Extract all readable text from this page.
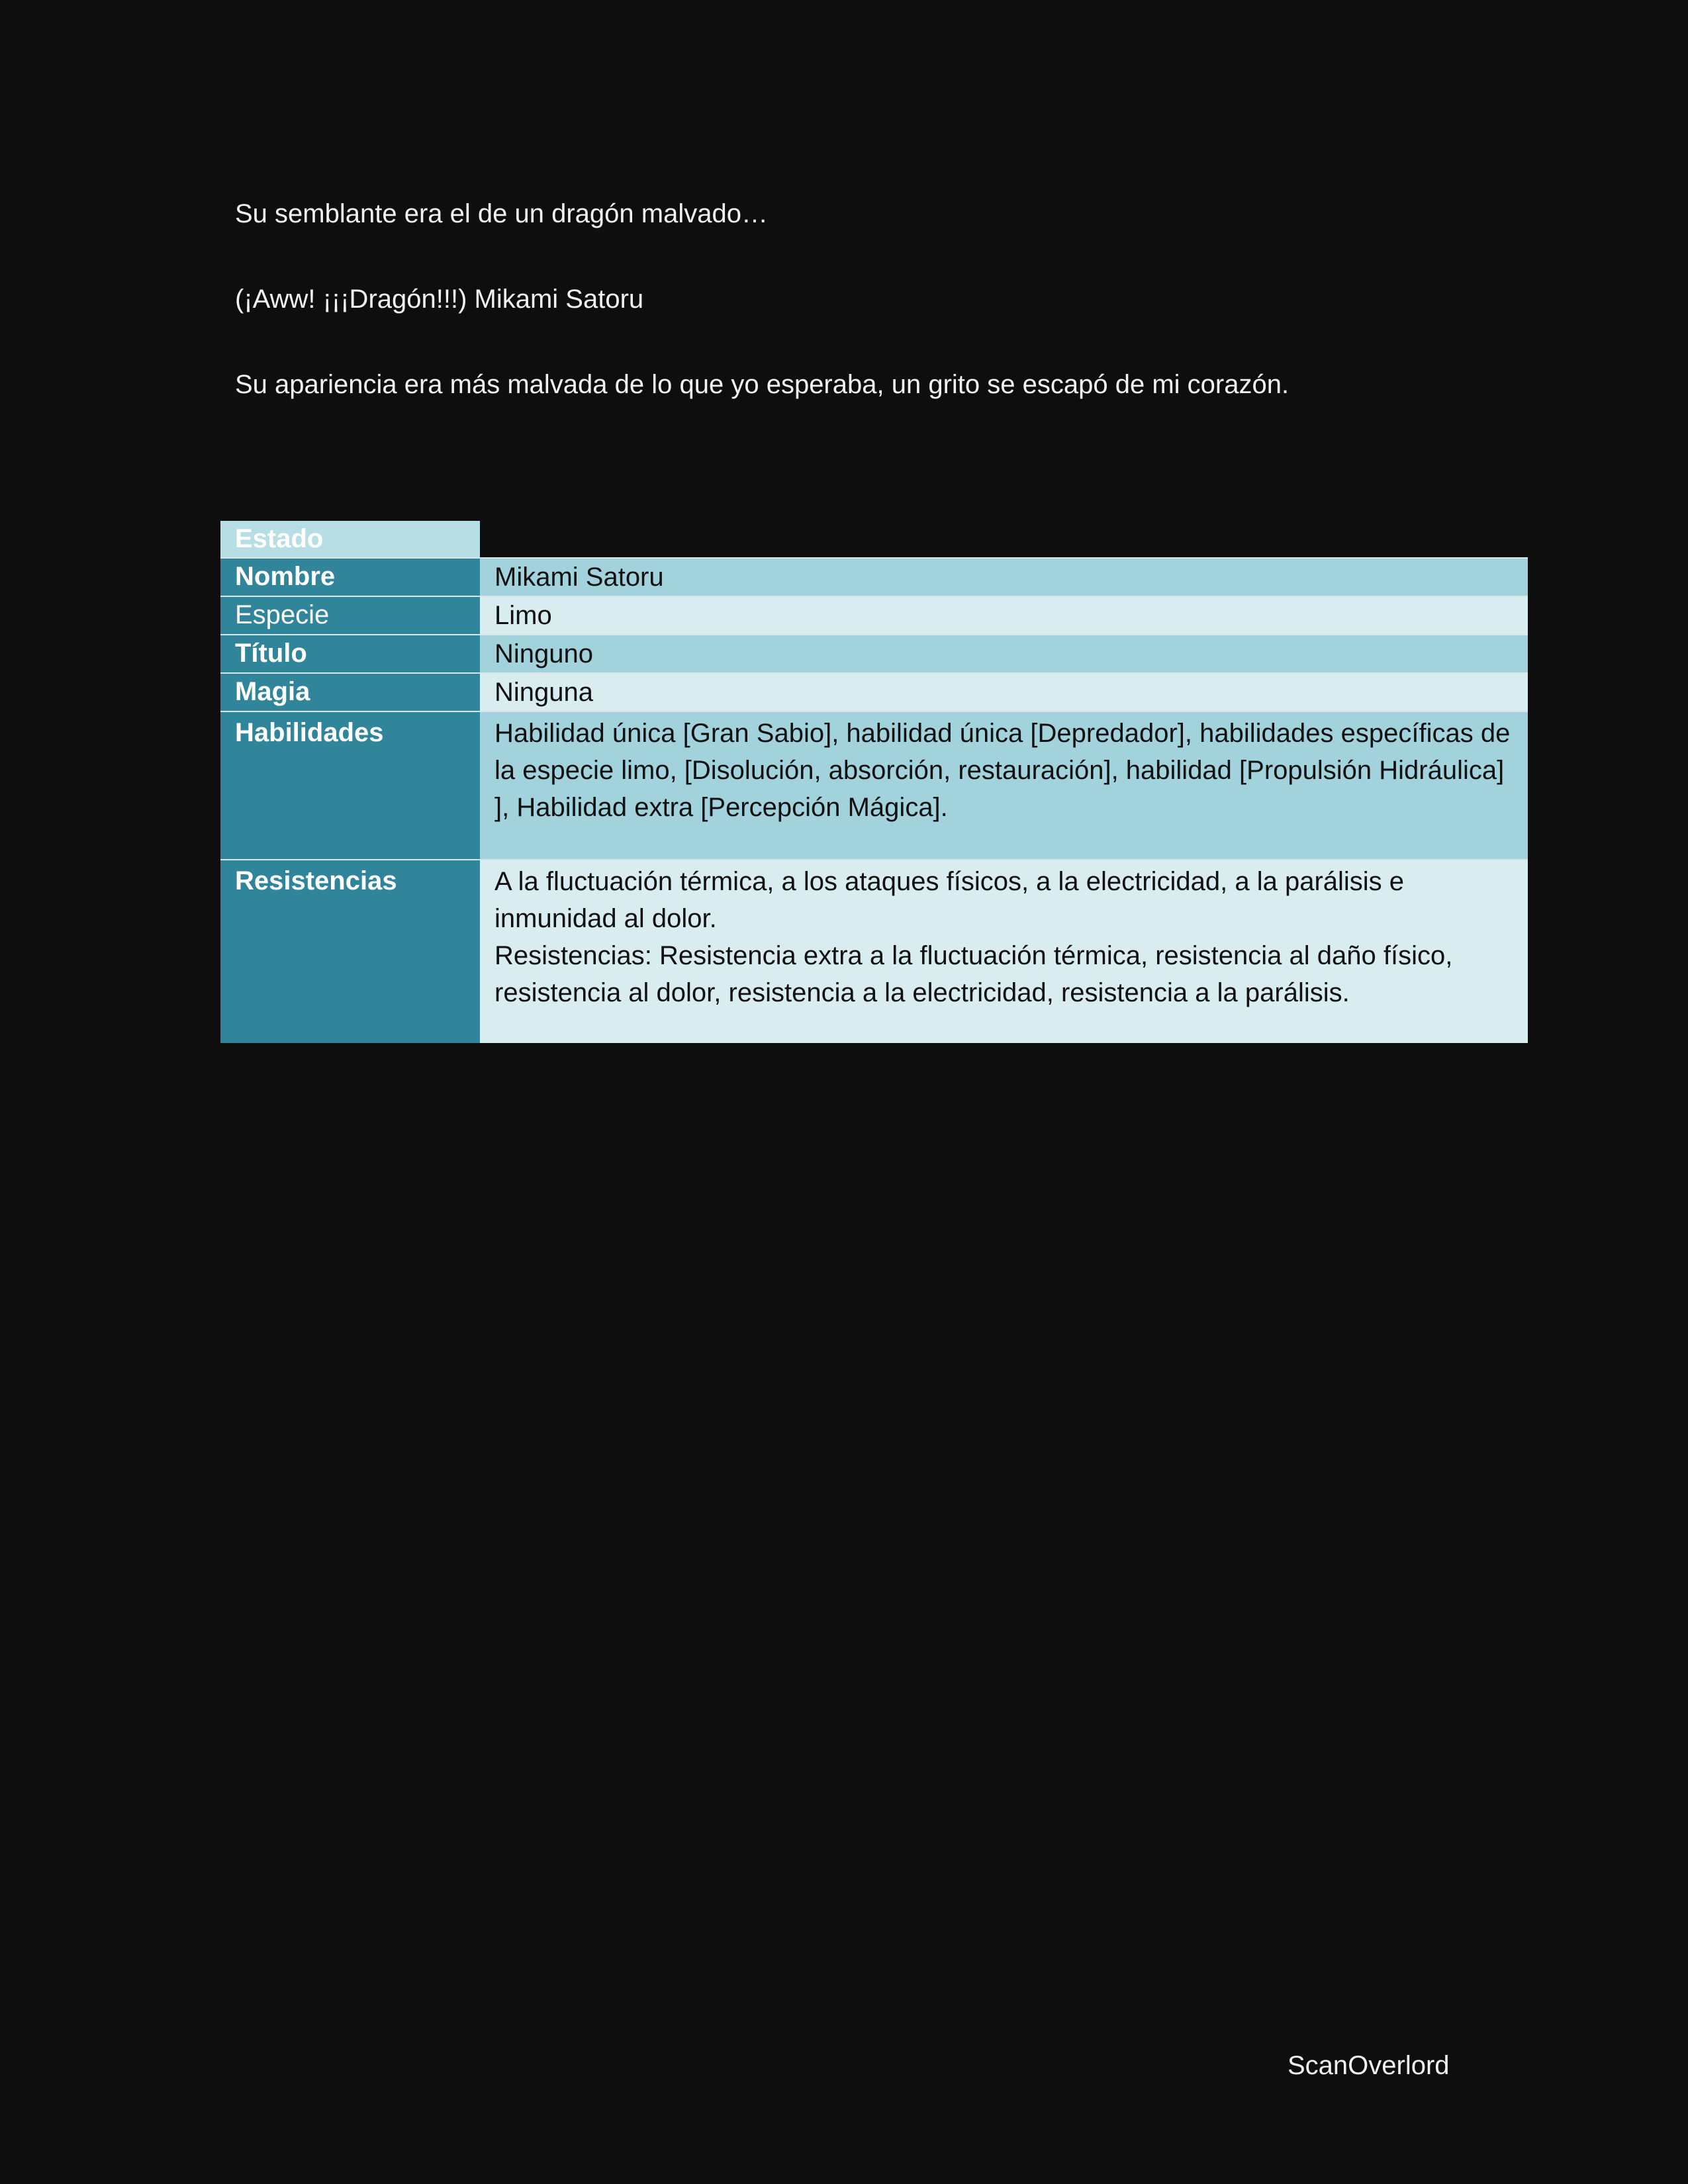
Su semblante era el de un dragón malvado…

(¡Aww! ¡¡¡Dragón!!!) Mikami Satoru

Su apariencia era más malvada de lo que yo esperaba, un grito se escapó de mi corazón.

Estado
Nombre	Mikami Satoru
Especie	Limo
Título	Ninguno
Magia	Ninguna
Habilidades	Habilidad única [Gran Sabio], habilidad única [Depredador], habilidades específicas de la especie limo, [Disolución, absorción, restauración], habilidad [Propulsión Hidráulica] ], Habilidad extra [Percepción Mágica].
Resistencias	A la fluctuación térmica, a los ataques físicos, a la electricidad, a la parálisis e inmunidad al dolor.
Resistencias: Resistencia extra a la fluctuación térmica, resistencia al daño físico, resistencia al dolor, resistencia a la electricidad, resistencia a la parálisis.
ScanOverlord
